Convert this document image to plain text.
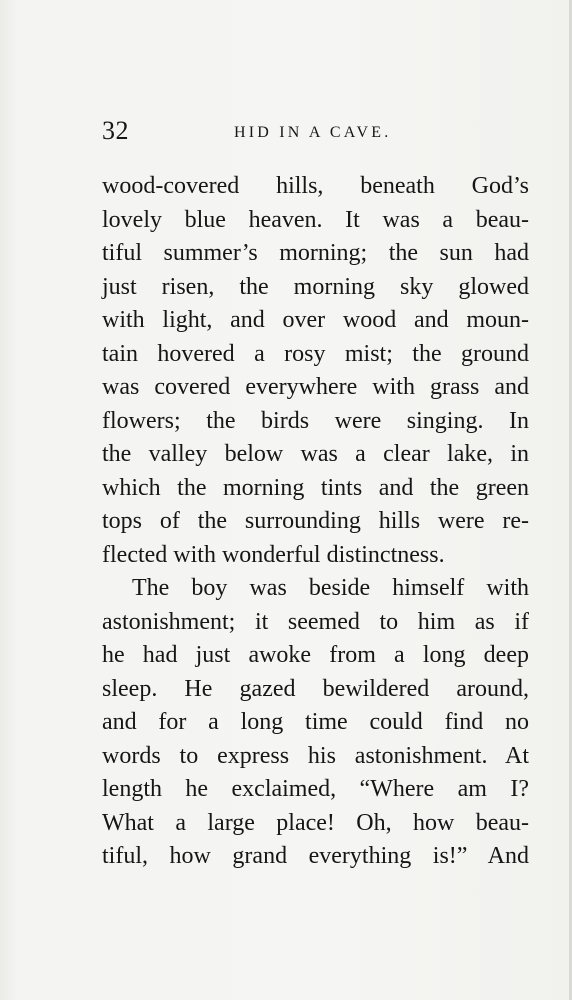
32	HID IN A CAVE.
wood-covered hills, beneath God’s
lovely blue heaven. It was a beau-
tiful summer’s morning; the sun had
just risen, the morning sky glowed
with light, and over wood and moun-
tain hovered a rosy mist; the ground
was covered everywhere with grass and
flowers; the birds were singing. In
the valley below was a clear lake, in
which the morning tints and the green
tops of the surrounding hills were re-
flected with wonderful distinctness.
The boy was beside himself with
astonishment; it seemed to him as if
he had just awoke from a long deep
sleep. He gazed bewildered around,
and for a long time could find no
words to express his astonishment. At
length he exclaimed, “Where am I?
What a large place! Oh, how beau-
tiful, how grand everything is!” And
